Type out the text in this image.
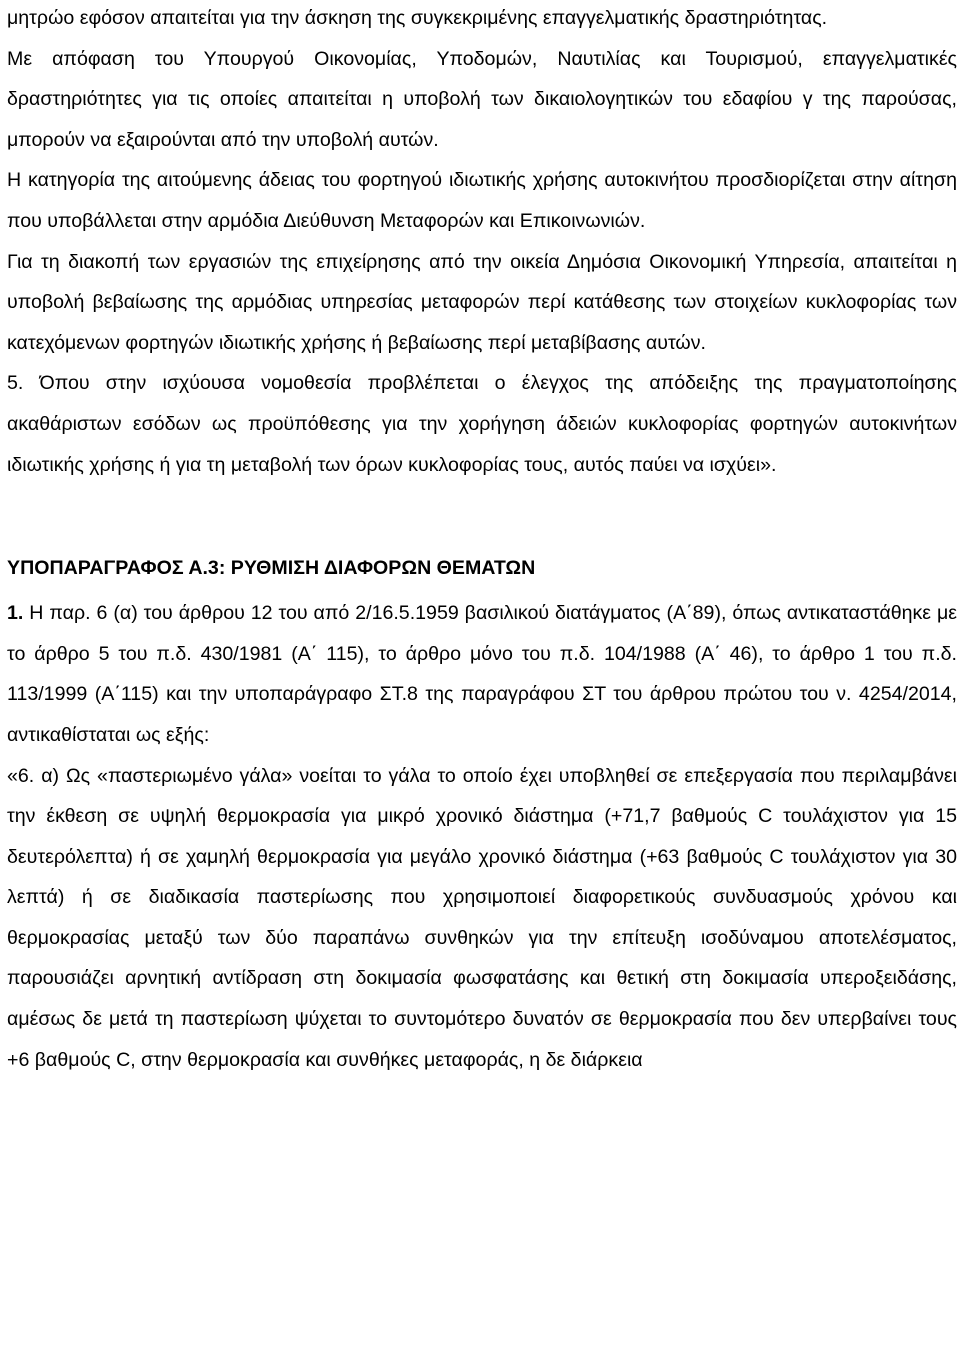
μητρώο εφόσον απαιτείται για την άσκηση της συγκεκριμένης επαγγελματικής δραστηριότητας.

Με απόφαση του Υπουργού Οικονομίας, Υποδομών, Ναυτιλίας και Τουρισμού, επαγγελματικές δραστηριότητες για τις οποίες απαιτείται η υποβολή των δικαιολογητικών του εδαφίου γ της παρούσας, μπορούν να εξαιρούνται από την υποβολή αυτών.

Η κατηγορία της αιτούμενης άδειας του φορτηγού ιδιωτικής χρήσης αυτοκινήτου προσδιορίζεται στην αίτηση που υποβάλλεται στην αρμόδια Διεύθυνση Μεταφορών και Επικοινωνιών.

Για τη διακοπή των εργασιών της επιχείρησης από την οικεία Δημόσια Οικονομική Υπηρεσία, απαιτείται η υποβολή βεβαίωσης της αρμόδιας υπηρεσίας μεταφορών περί κατάθεσης των στοιχείων κυκλοφορίας των κατεχόμενων φορτηγών ιδιωτικής χρήσης ή βεβαίωσης περί μεταβίβασης αυτών.

5. Όπου στην ισχύουσα νομοθεσία προβλέπεται ο έλεγχος της απόδειξης της πραγματοποίησης ακαθάριστων εσόδων ως προϋπόθεσης για την χορήγηση άδειών κυκλοφορίας φορτηγών αυτοκινήτων ιδιωτικής χρήσης ή για τη μεταβολή των όρων κυκλοφορίας τους, αυτός παύει να ισχύει».

ΥΠΟΠΑΡΑΓΡΑΦΟΣ Α.3: ΡΥΘΜΙΣΗ ΔΙΑΦΟΡΩΝ ΘΕΜΑΤΩΝ

1. Η παρ. 6 (α) του άρθρου 12 του από 2/16.5.1959 βασιλικού διατάγματος (Α΄89), όπως αντικαταστάθηκε με το άρθρο 5 του π.δ. 430/1981 (Α΄ 115), το άρθρο μόνο του π.δ. 104/1988 (Α΄ 46), το άρθρο 1 του π.δ. 113/1999 (Α΄115) και την υποπαράγραφο ΣΤ.8 της παραγράφου ΣΤ του άρθρου πρώτου του ν. 4254/2014, αντικαθίσταται ως εξής:

«6. α) Ως «παστεριωμένο γάλα» νοείται το γάλα το οποίο έχει υποβληθεί σε επεξεργασία που περιλαμβάνει την έκθεση σε υψηλή θερμοκρασία για μικρό χρονικό διάστημα (+71,7 βαθμούς C τουλάχιστον για 15 δευτερόλεπτα) ή σε χαμηλή θερμοκρασία για μεγάλο χρονικό διάστημα (+63 βαθμούς C τουλάχιστον για 30 λεπτά) ή σε διαδικασία παστερίωσης που χρησιμοποιεί διαφορετικούς συνδυασμούς χρόνου και θερμοκρασίας μεταξύ των δύο παραπάνω συνθηκών για την επίτευξη ισοδύναμου αποτελέσματος, παρουσιάζει αρνητική αντίδραση στη δοκιμασία φωσφατάσης και θετική στη δοκιμασία υπεροξειδάσης, αμέσως δε μετά τη παστερίωση ψύχεται το συντομότερο δυνατόν σε θερμοκρασία που δεν υπερβαίνει τους +6 βαθμούς C, στην θερμοκρασία και συνθήκες μεταφοράς, η δε διάρκεια
